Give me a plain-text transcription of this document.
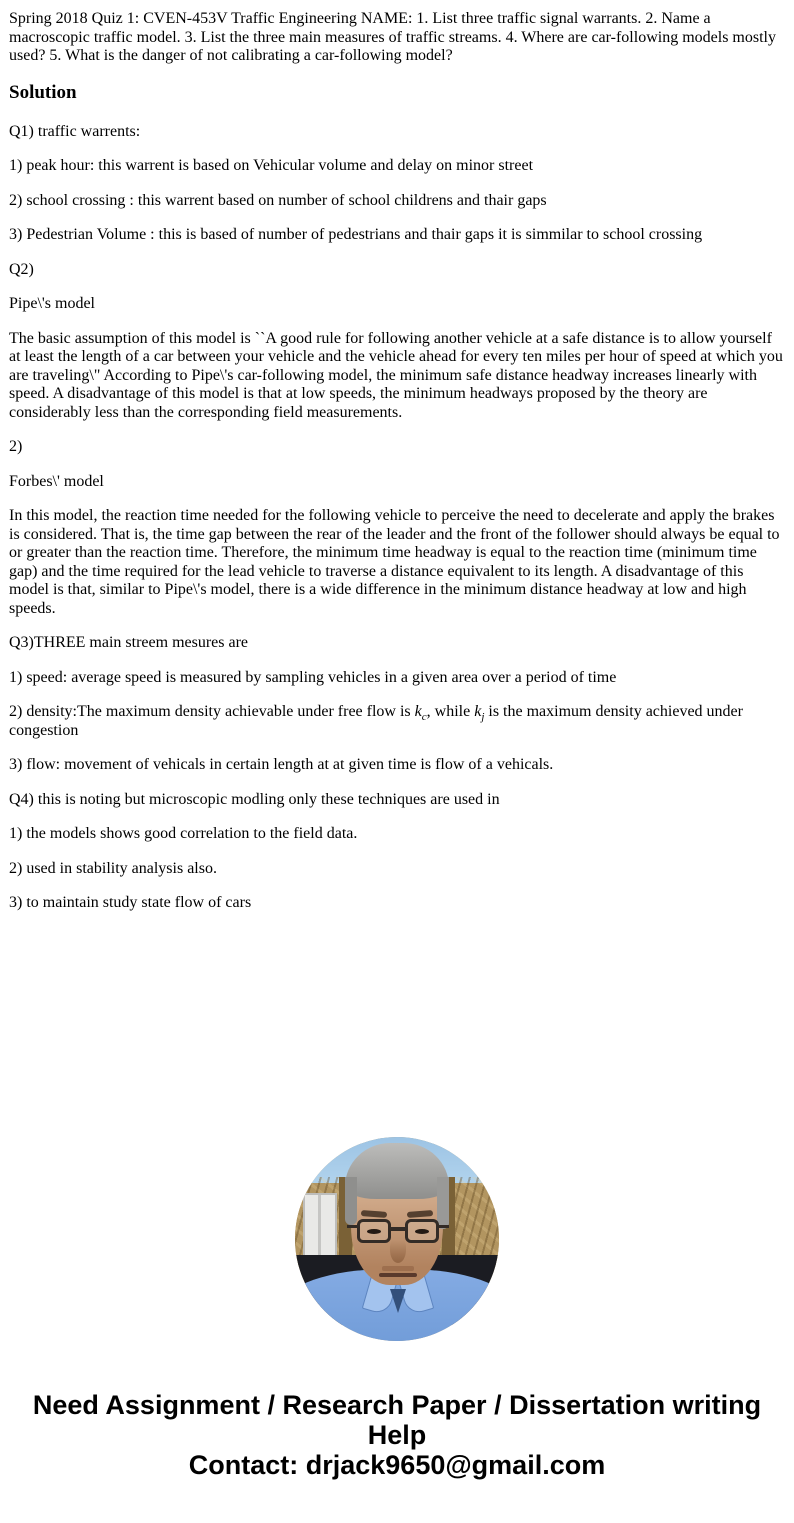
Spring 2018 Quiz 1: CVEN-453V Traffic Engineering NAME: 1. List three traffic signal warrants. 2. Name a macroscopic traffic model. 3. List the three main measures of traffic streams. 4. Where are car-following models mostly used? 5. What is the danger of not calibrating a car-following model?

Solution

Q1) traffic warrents:

1) peak hour: this warrent is based on Vehicular volume and delay on minor street

2) school crossing : this warrent based on number of school childrens and thair gaps

3) Pedestrian Volume : this is based of number of pedestrians and thair gaps it is simmilar to school crossing

Q2)

Pipe\'s model

The basic assumption of this model is ``A good rule for following another vehicle at a safe distance is to allow yourself at least the length of a car between your vehicle and the vehicle ahead for every ten miles per hour of speed at which you are traveling\" According to Pipe\'s car-following model, the minimum safe distance headway increases linearly with speed. A disadvantage of this model is that at low speeds, the minimum headways proposed by the theory are considerably less than the corresponding field measurements.

2)

Forbes\' model

In this model, the reaction time needed for the following vehicle to perceive the need to decelerate and apply the brakes is considered. That is, the time gap between the rear of the leader and the front of the follower should always be equal to or greater than the reaction time. Therefore, the minimum time headway is equal to the reaction time (minimum time gap) and the time required for the lead vehicle to traverse a distance equivalent to its length. A disadvantage of this model is that, similar to Pipe\'s model, there is a wide difference in the minimum distance headway at low and high speeds.

Q3)THREE main streem mesures are

1) speed: average speed is measured by sampling vehicles in a given area over a period of time

2) density:The maximum density achievable under free flow is $k_c$, while $k_j$ is the maximum density achieved under congestion

3) flow: movement of vehicals in certain length at at given time is flow of a vehicals.

Q4) this is noting but microscopic modling only these techniques are used in

1) the models shows good correlation to the field data.

2) used in stability analysis also.

3) to maintain study state flow of cars

Need Assignment / Research Paper / Dissertation writing Help
Contact: drjack9650@gmail.com
